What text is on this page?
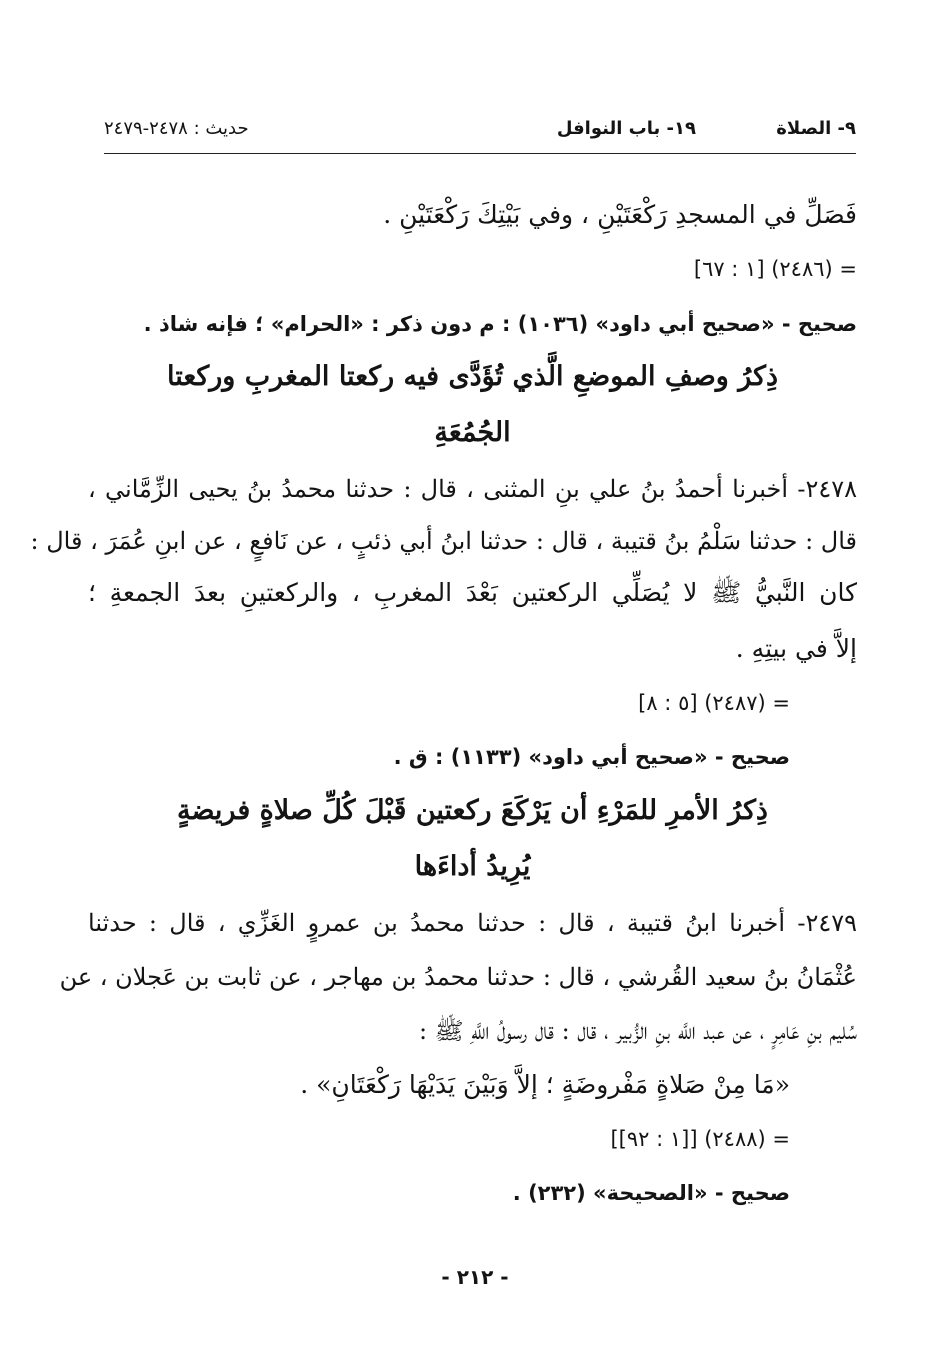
٩- الصلاة
١٩- باب النوافل
حديث : ٢٤٧٨-٢٤٧٩
فَصَلِّ في المسجدِ رَكْعَتَيْنِ ، وفي بَيْتِكَ رَكْعَتَيْنِ .
= (٢٤٨٦) [١ : ٦٧]
صحيح - «صحيح أبي داود» (١٠٣٦) : م دون ذكر : «الحرام» ؛ فإنه شاذ .
ذِكرُ وصفِ الموضعِ الَّذي تُؤَدَّى فيه ركعتا المغربِ وركعتا
الجُمُعَةِ
٢٤٧٨- أخبرنا أحمدُ بنُ علي بنِ المثنى ، قال : حدثنا محمدُ بنُ يحيى الزِّمَّاني ،
قال : حدثنا سَلْمُ بنُ قتيبة ، قال : حدثنا ابنُ أبي ذئبٍ ، عن نَافعٍ ، عن ابنِ عُمَرَ ، قال :
كان النَّبيُّ ﷺ لا يُصَلِّي الركعتين بَعْدَ المغربِ ، والركعتينِ بعدَ الجمعةِ ؛
إلاَّ في بيتِهِ .
= (٢٤٨٧) [٥ : ٨]
صحيح - «صحيح أبي داود» (١١٣٣) : ق .
ذِكرُ الأمرِ للمَرْءِ أن يَرْكَعَ ركعتين قَبْلَ كُلِّ صلاةٍ فريضةٍ
يُرِيدُ أداءَها
٢٤٧٩- أخبرنا ابنُ قتيبة ، قال : حدثنا محمدُ بن عمروٍ الغَزِّي ، قال : حدثنا
عُثْمَانُ بنُ سعيد القُرشي ، قال : حدثنا محمدُ بن مهاجر ، عن ثابت بن عَجلان ، عن
سُليم بنِ عَامِرٍ ، عن عبد اللَّه بنِ الزُّبير ، قال : قال رسولُ اللَّهِ ﷺ :
«مَا مِنْ صَلاةٍ مَفْروضَةٍ ؛ إلاَّ وَبَيْنَ يَدَيْهَا رَكْعَتَانِ» .
= (٢٤٨٨) [[١ : ٩٢]]
صحيح - «الصحيحة» (٢٣٢) .
- ٢١٢ -
